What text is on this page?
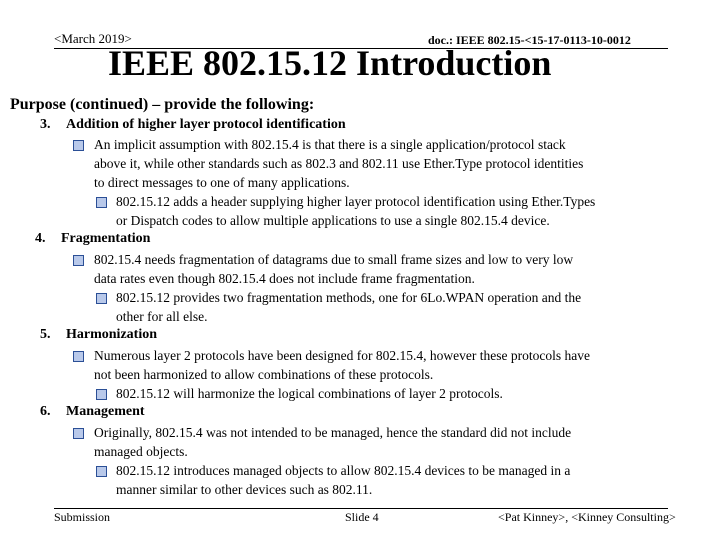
<March 2019>	doc.: IEEE 802.15-<15-17-0113-10-0012
IEEE 802.15.12 Introduction
Purpose (continued) – provide the following:
3. Addition of higher layer protocol identification
An implicit assumption with 802.15.4 is that there is a single application/protocol stack
above it, while other standards such as 802.3 and 802.11 use Ether.Type protocol identities
to direct messages to one of many applications.
802.15.12 adds a header supplying higher layer protocol identification using Ether.Types
or Dispatch codes to allow multiple applications to use a single 802.15.4 device.
4. Fragmentation
802.15.4 needs fragmentation of datagrams due to small frame sizes and low to very low
data rates even though 802.15.4 does not include frame fragmentation.
802.15.12 provides two fragmentation methods, one for 6Lo.WPAN operation and the
other for all else.
5. Harmonization
Numerous layer 2 protocols have been designed for 802.15.4, however these protocols have
not been harmonized to allow combinations of these protocols.
802.15.12 will harmonize the logical combinations of layer 2 protocols.
6. Management
Originally, 802.15.4 was not intended to be managed, hence the standard did not include
managed objects.
802.15.12 introduces managed objects to allow 802.15.4 devices to be managed in a
manner similar to other devices such as 802.11.
Submission	Slide 4	<Pat Kinney>, <Kinney Consulting>
